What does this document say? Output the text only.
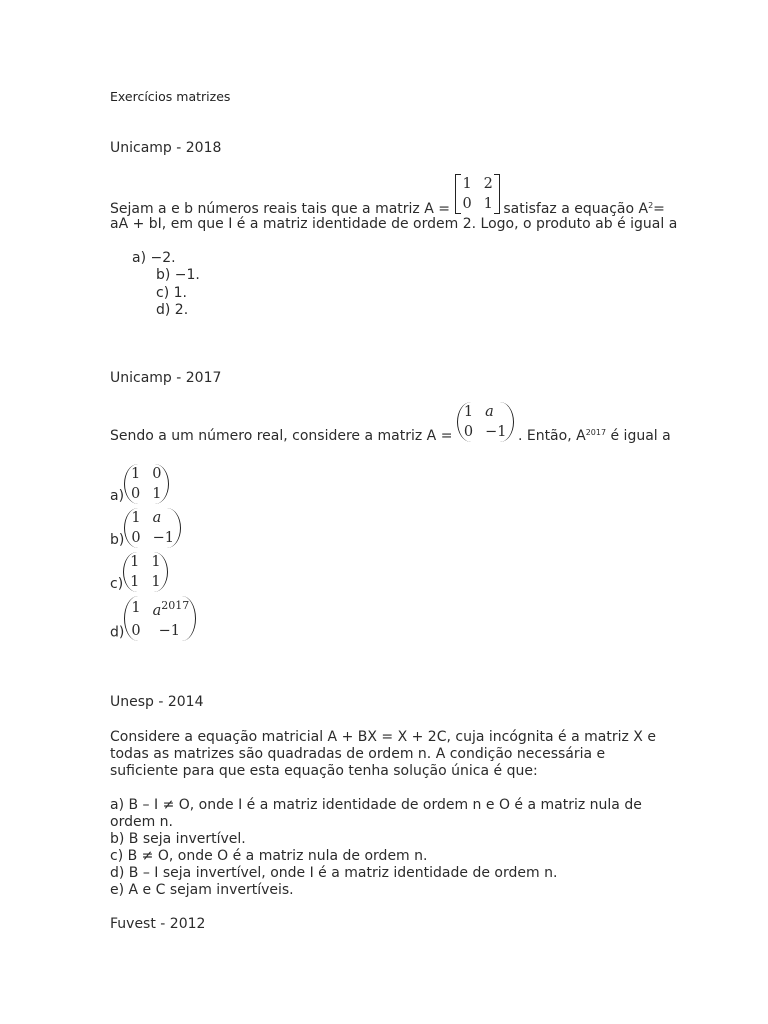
Exercícios matrizes

Unicamp - 2018

Sejam a e b números reais tais que a matriz A =
1	2
0	1 satisfaz a equação $A^2=$

aA + bI, em que I é a matriz identidade de ordem 2. Logo, o produto ab é igual a

a) −2.

b) −1.

c) 1.

d) 2.

Unicamp - 2017

Sendo a um número real, considere a matriz A =
1	a
0	−1 . Então, $A^{2017}$ é igual a
a)
1	0
0	1
b)
1	a
0	−1
c)
1	1
1	1
d)
1	$a^{2017}$
0	−1

Unesp - 2014

Considere a equação matricial A + BX = X + 2C, cuja incógnita é a matriz X e

todas as matrizes são quadradas de ordem n. A condição necessária e

suficiente para que esta equação tenha solução única é que:

a) B – I ≠ O, onde I é a matriz identidade de ordem n e O é a matriz nula de

ordem n.

b) B seja invertível.

c) B ≠ O, onde O é a matriz nula de ordem n.

d) B – I seja invertível, onde I é a matriz identidade de ordem n.

e) A e C sejam invertíveis.

Fuvest - 2012
